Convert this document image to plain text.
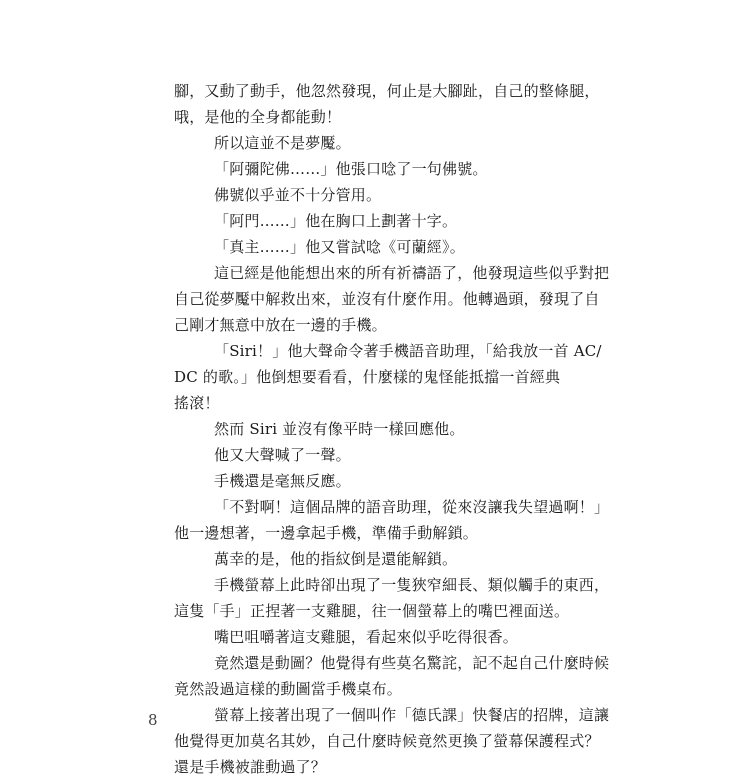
腳，又動了動手，他忽然發現，何止是大腳趾，自己的整條腿，
哦，是他的全身都能動！
所以這並不是夢魘。
「阿彌陀佛……」他張口唸了一句佛號。
佛號似乎並不十分管用。
「阿門……」他在胸口上劃著十字。
「真主……」他又嘗試唸《可蘭經》。
這已經是他能想出來的所有祈禱語了，他發現這些似乎對把
自己從夢魘中解救出來，並沒有什麼作用。他轉過頭，發現了自
己剛才無意中放在一邊的手機。
「Siri！」他大聲命令著手機語音助理，「給我放一首 AC/
DC 的歌。」他倒想要看看，什麼樣的鬼怪能抵擋一首經典
搖滾！
然而 Siri 並沒有像平時一樣回應他。
他又大聲喊了一聲。
手機還是毫無反應。
「不對啊！這個品牌的語音助理，從來沒讓我失望過啊！」
他一邊想著，一邊拿起手機，準備手動解鎖。
萬幸的是，他的指紋倒是還能解鎖。
手機螢幕上此時卻出現了一隻狹窄細長、類似觸手的東西，
這隻「手」正捏著一支雞腿，往一個螢幕上的嘴巴裡面送。
嘴巴咀嚼著這支雞腿，看起來似乎吃得很香。
竟然還是動圖？他覺得有些莫名驚詫，記不起自己什麼時候
竟然設過這樣的動圖當手機桌布。
螢幕上接著出現了一個叫作「德氏課」快餐店的招牌，這讓
他覺得更加莫名其妙，自己什麼時候竟然更換了螢幕保護程式？
還是手機被誰動過了？
8
